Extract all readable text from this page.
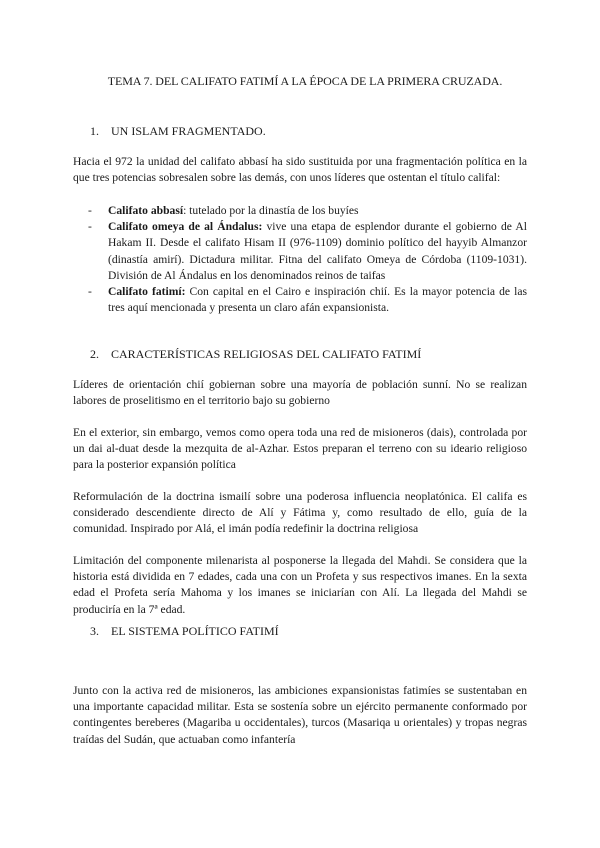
TEMA 7. DEL CALIFATO FATIMÍ A LA ÉPOCA DE LA PRIMERA CRUZADA.
1. UN ISLAM FRAGMENTADO.

Hacia el 972 la unidad del califato abbasí ha sido sustituida por una fragmentación política en la que tres potencias sobresalen sobre las demás, con unos líderes que ostentan el título califal:

- Califato abbasí: tutelado por la dinastía de los buyíes
- Califato omeya de al Ándalus: vive una etapa de esplendor durante el gobierno de Al Hakam II. Desde el califato Hisam II (976-1109) dominio político del hayyib Almanzor (dinastía amirí). Dictadura militar. Fitna del califato Omeya de Córdoba (1109-1031). División de Al Ándalus en los denominados reinos de taifas
- Califato fatimí: Con capital en el Cairo e inspiración chií. Es la mayor potencia de las tres aquí mencionada y presenta un claro afán expansionista.
2. CARACTERÍSTICAS RELIGIOSAS DEL CALIFATO FATIMÍ

Líderes de orientación chií gobiernan sobre una mayoría de población sunní. No se realizan labores de proselitismo en el territorio bajo su gobierno

En el exterior, sin embargo, vemos como opera toda una red de misioneros (dais), controlada por un dai al-duat desde la mezquita de al-Azhar. Estos preparan el terreno con su ideario religioso para la posterior expansión política

Reformulación de la doctrina ismailí sobre una poderosa influencia neoplatónica. El califa es considerado descendiente directo de Alí y Fátima y, como resultado de ello, guía de la comunidad. Inspirado por Alá, el imán podía redefinir la doctrina religiosa

Limitación del componente milenarista al posponerse la llegada del Mahdi. Se considera que la historia está dividida en 7 edades, cada una con un Profeta y sus respectivos imanes. En la sexta edad el Profeta sería Mahoma y los imanes se iniciarían con Alí. La llegada del Mahdi se produciría en la 7ª edad.

3. EL SISTEMA POLÍTICO FATIMÍ

Junto con la activa red de misioneros, las ambiciones expansionistas fatimíes se sustentaban en una importante capacidad militar. Esta se sostenía sobre un ejército permanente conformado por contingentes bereberes (Magariba u occidentales), turcos (Masariqa u orientales) y tropas negras traídas del Sudán, que actuaban como infantería
